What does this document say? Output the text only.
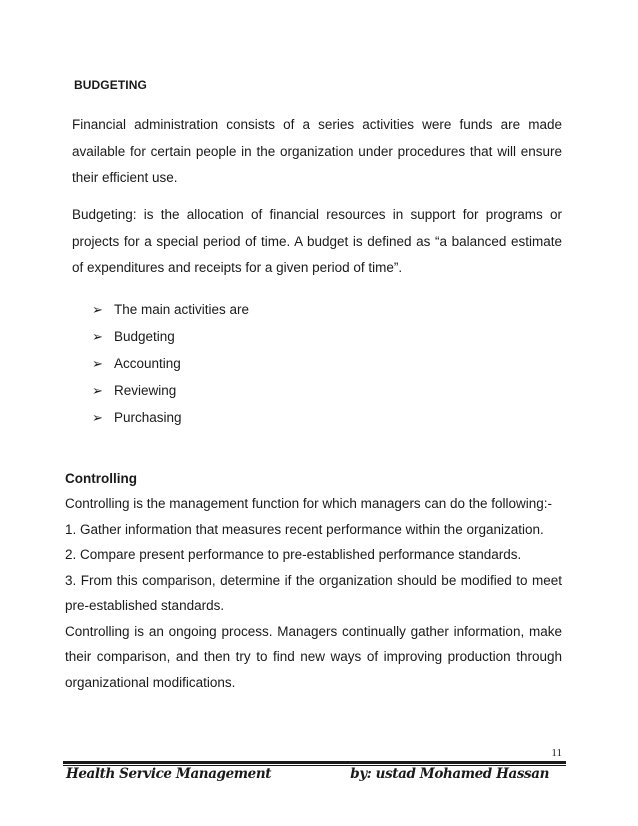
BUDGETING
Financial administration consists of a series activities were funds are made available for certain people in the organization under procedures that will ensure their efficient use.
Budgeting: is the allocation of financial resources in support for programs or projects for a special period of time. A budget is defined as “a balanced estimate of expenditures and receipts for a given period of time”.
➢ The main activities are
➢ Budgeting
➢ Accounting
➢ Reviewing
➢ Purchasing
Controlling

Controlling is the management function for which managers can do the following:-

1. Gather information that measures recent performance within the organization.

2. Compare present performance to pre-established performance standards.

3. From this comparison, determine if the organization should be modified to meet pre-established standards.

Controlling is an ongoing process. Managers continually gather information, make their comparison, and then try to find new ways of improving production through organizational modifications.

11
Health Service Management	by: ustad Mohamed Hassan
